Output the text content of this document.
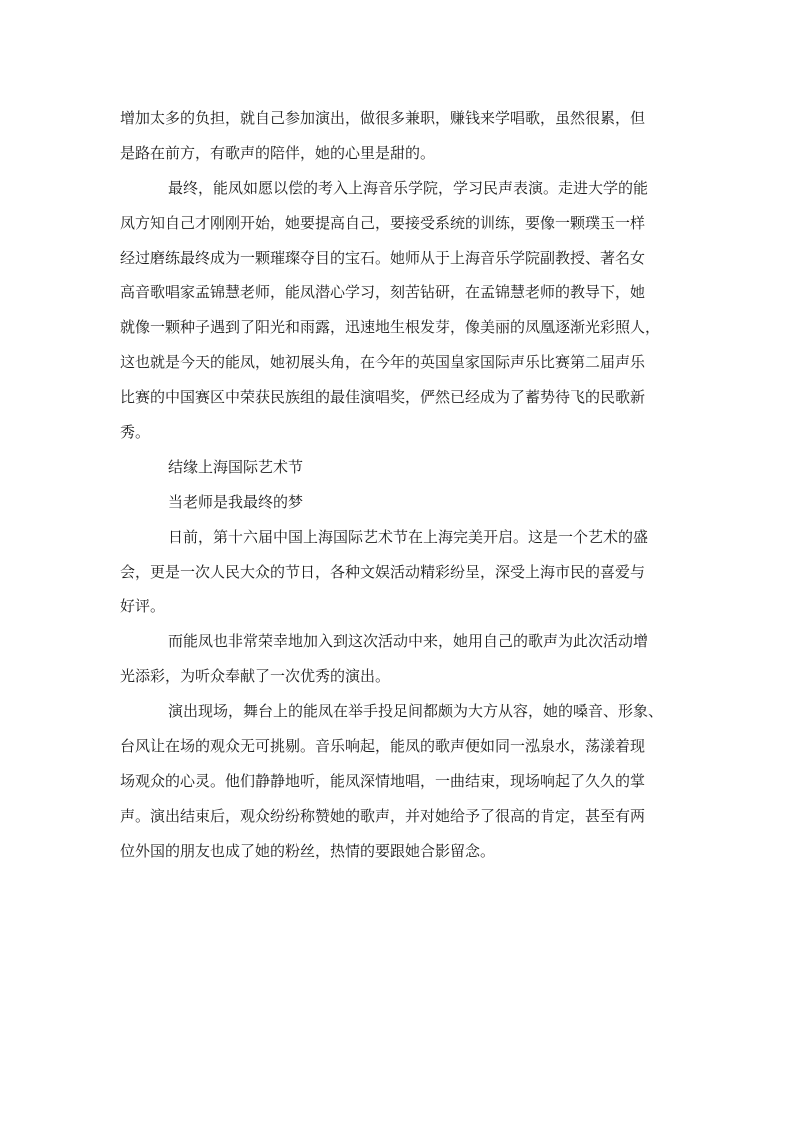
增加太多的负担，就自己参加演出，做很多兼职，赚钱来学唱歌，虽然很累，但
是路在前方，有歌声的陪伴，她的心里是甜的。
最终，能凤如愿以偿的考入上海音乐学院，学习民声表演。走进大学的能
凤方知自己才刚刚开始，她要提高自己，要接受系统的训练，要像一颗璞玉一样
经过磨练最终成为一颗璀璨夺目的宝石。她师从于上海音乐学院副教授、著名女
高音歌唱家孟锦慧老师，能凤潜心学习，刻苦钻研，在孟锦慧老师的教导下，她
就像一颗种子遇到了阳光和雨露，迅速地生根发芽，像美丽的凤凰逐渐光彩照人，
这也就是今天的能凤，她初展头角，在今年的英国皇家国际声乐比赛第二届声乐
比赛的中国赛区中荣获民族组的最佳演唱奖，俨然已经成为了蓄势待飞的民歌新
秀。
结缘上海国际艺术节
当老师是我最终的梦
日前，第十六届中国上海国际艺术节在上海完美开启。这是一个艺术的盛
会，更是一次人民大众的节日，各种文娱活动精彩纷呈，深受上海市民的喜爱与
好评。
而能凤也非常荣幸地加入到这次活动中来，她用自己的歌声为此次活动增
光添彩，为听众奉献了一次优秀的演出。
演出现场，舞台上的能凤在举手投足间都颇为大方从容，她的嗓音、形象、
台风让在场的观众无可挑剔。音乐响起，能凤的歌声便如同一泓泉水，荡漾着现
场观众的心灵。他们静静地听，能凤深情地唱，一曲结束，现场响起了久久的掌
声。演出结束后，观众纷纷称赞她的歌声，并对她给予了很高的肯定，甚至有两
位外国的朋友也成了她的粉丝，热情的要跟她合影留念。
